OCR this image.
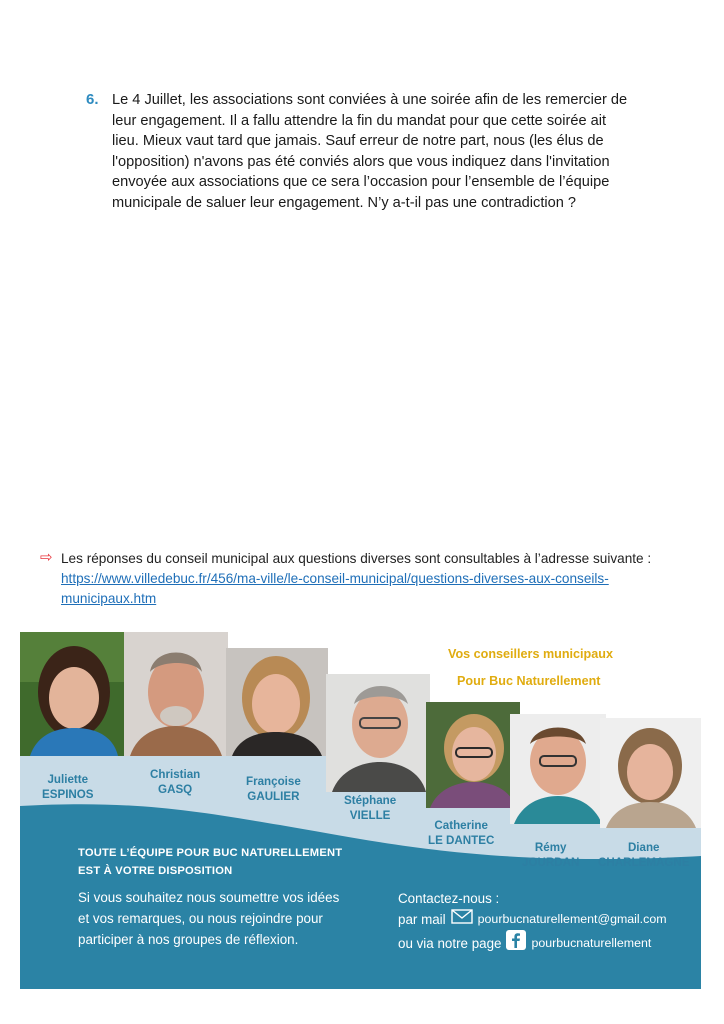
6. Le 4 Juillet, les associations sont conviées à une soirée afin de les remercier de
leur engagement. Il a fallu attendre la fin du mandat pour que cette soirée ait
lieu. Mieux vaut tard que jamais. Sauf erreur de notre part, nous (les élus de
l'opposition) n'avons pas été conviés alors que vous indiquez dans l'invitation
envoyée aux associations que ce sera l’occasion pour l’ensemble de l’équipe
municipale de saluer leur engagement. N’y a-t-il pas une contradiction ?
⇨ Les réponses du conseil municipal aux questions diverses sont consultables à l’adresse suivante :
https://www.villedebuc.fr/456/ma-ville/le-conseil-municipal/questions-diverses-aux-conseils-
municipaux.htm
Vos conseillers municipaux
Pour Buc Naturellement
Juliette
ESPINOS
Christian
GASQ
Françoise
GAULIER	Stéphane
VIELLE
Catherine
LE DANTEC
Rémy
JOURDAN
Diane
CHARLEMAGNE
TOUTE L’ÉQUIPE POUR BUC NATURELLEMENT
EST À VOTRE DISPOSITION
Si vous souhaitez nous soumettre vos idées
et vos remarques, ou nous rejoindre pour
participer à nos groupes de réflexion.
Contactez-nous :
par mail	pourbucnaturellement@gmail.com
ou via notre page pourbucnaturellement
